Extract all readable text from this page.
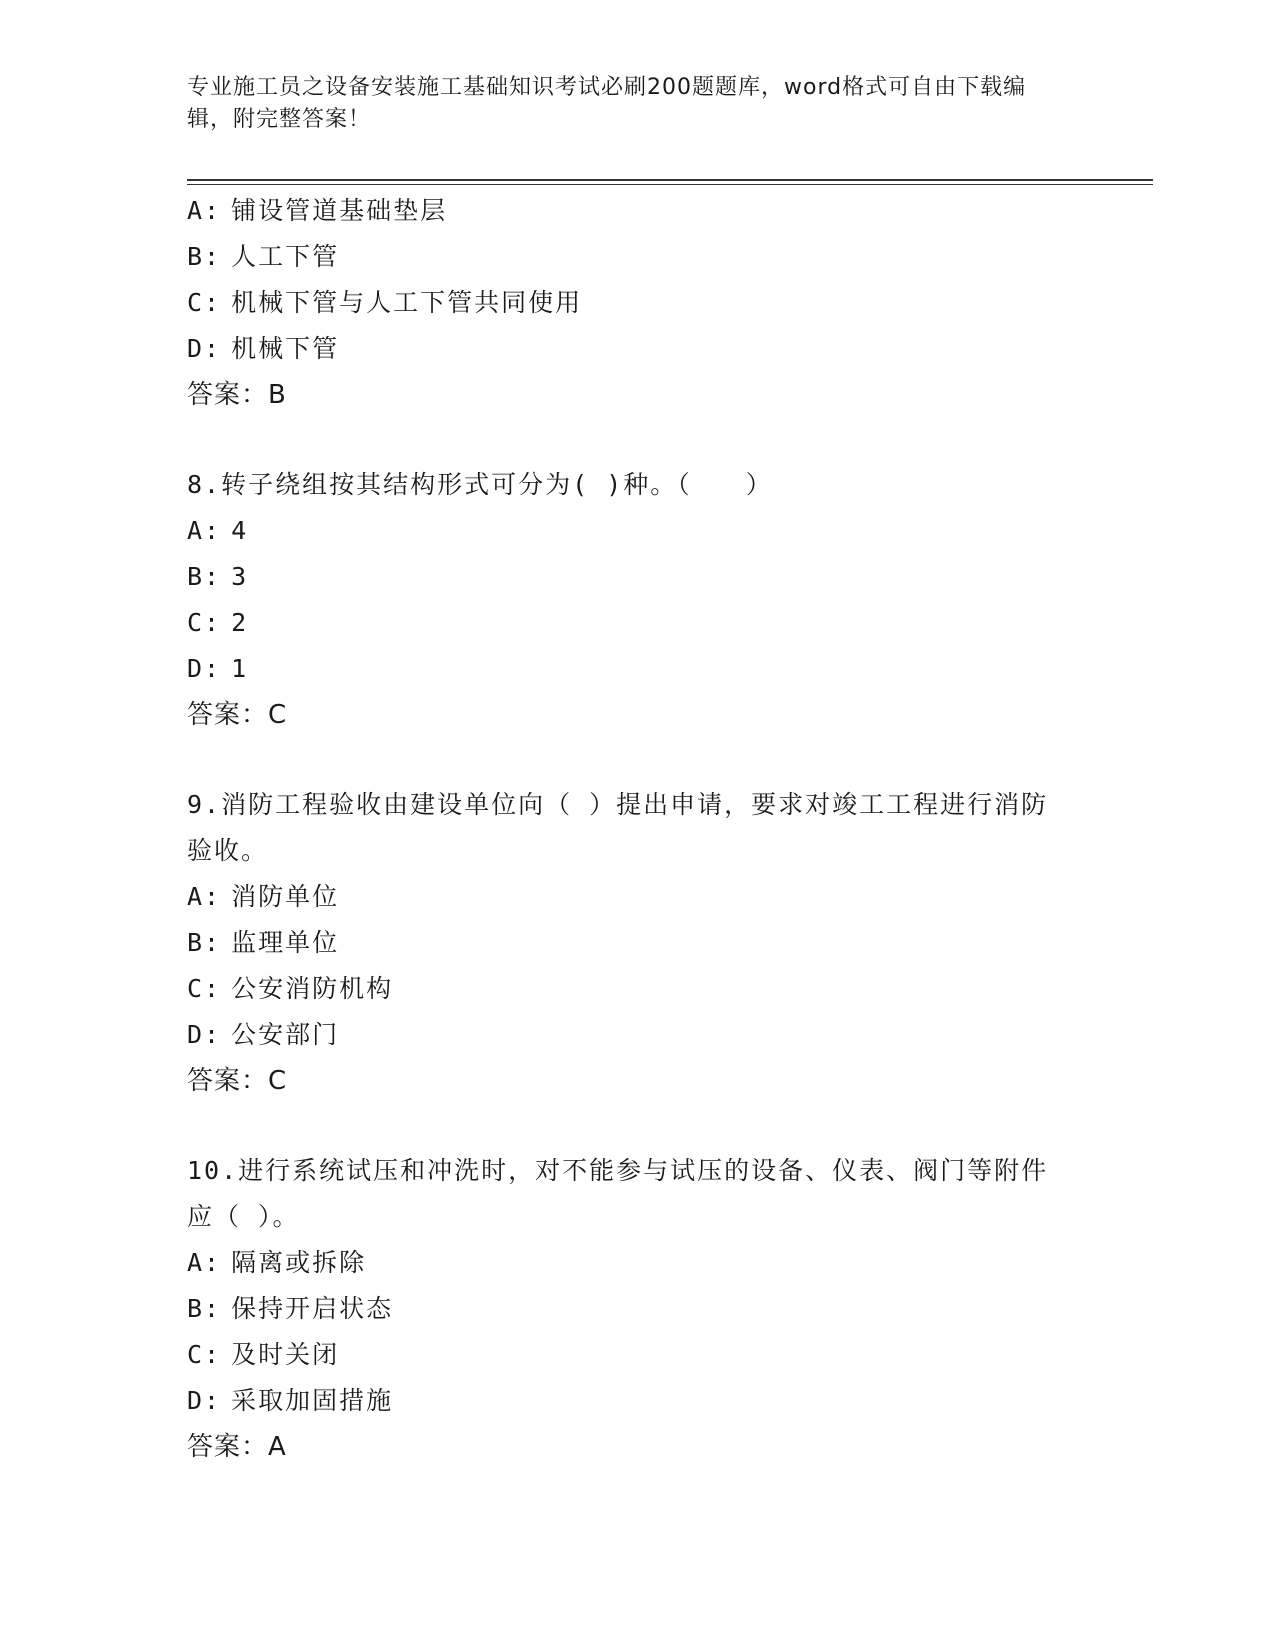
专业施工员之设备安装施工基础知识考试必刷200题题库，word格式可自由下载编辑，附完整答案！
A: 铺设管道基础垫层
B: 人工下管
C: 机械下管与人工下管共同使用
D: 机械下管
答案：B
8.转子绕组按其结构形式可分为( )种。（　　）
A: 4
B: 3
C: 2
D: 1
答案：C
9.消防工程验收由建设单位向（ ）提出申请，要求对竣工工程进行消防验收。
A: 消防单位
B: 监理单位
C: 公安消防机构
D: 公安部门
答案：C
10.进行系统试压和冲洗时，对不能参与试压的设备、仪表、阀门等附件应（ ）。
A: 隔离或拆除
B: 保持开启状态
C: 及时关闭
D: 采取加固措施
答案：A
